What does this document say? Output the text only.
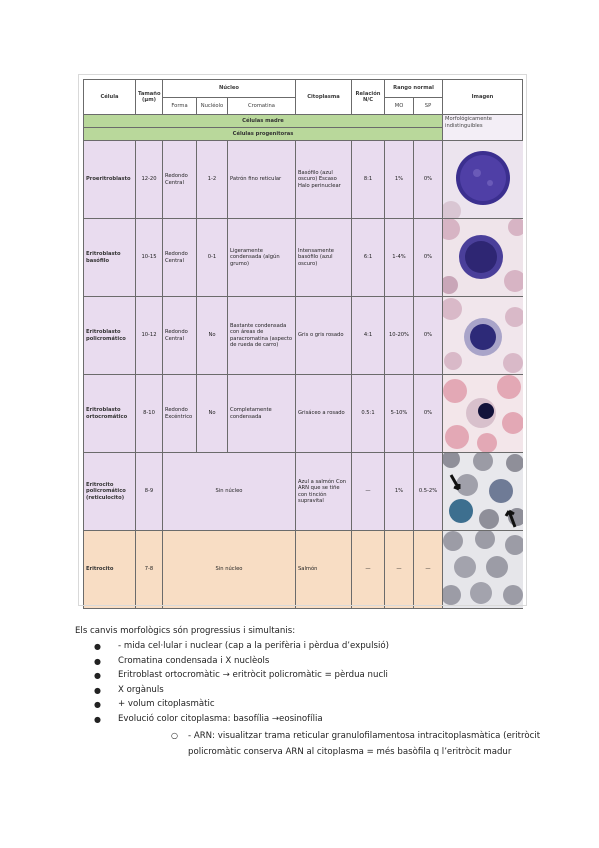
Célula	Tamaño (µm)	Núcleo			Citoplasma	Relación N/C	Rango normal		Imagen
		Forma	Nucléolo	Cromatina			MO	SP	
Células madre									Morfológicamente indistinguibles
Células progenitoras									
Proeritroblasto	12-20	Redondo Central	1-2	Patrón fino reticular	Basófilo (azul oscuro) Escaso Halo perinuclear	8:1	1%	0%	

Eritroblasto basófilo	10-15	Redondo Central	0-1	Ligeramente condensada (algún grumo)	Intensamente basófilo (azul oscuro)	6:1	1-4%	0%	

Eritroblasto policromático	10-12	Redondo Central	No	Bastante condensada con áreas de paracromatina (aspecto de rueda de carro)	Gris o gris rosado	4:1	10-20%	0%	

Eritroblasto ortocromático	8-10	Redondo Excéntrico	No	Completamente condensada	Grisáceo a rosado	0.5:1	5-10%	0%	

Eritrocito policromático (reticulocito)	8-9	Sin núcleo			Azul a salmón Con ARN que se tiñe con tinción supravital	—	1%	0.5-2%	

Eritrocito	7-8	Sin núcleo			Salmón	—	—	—	

Els canvis morfològics són progressius i simultanis:

● - mida cel·lular i nuclear (cap a la perifèria i pèrdua d’expulsió)
● Cromatina condensada i X nuclèols
● Eritroblast ortocromàtic → eritròcit policromàtic = pèrdua nucli
● X orgànuls
● + volum citoplasmàtic
● Evolució color citoplasma: basofília →eosinofília
○ - ARN: visualitzar trama reticular granulofilamentosa intracitoplasmàtica (eritròcit policromàtic conserva ARN al citoplasma = més basòfila q l’eritròcit madur
